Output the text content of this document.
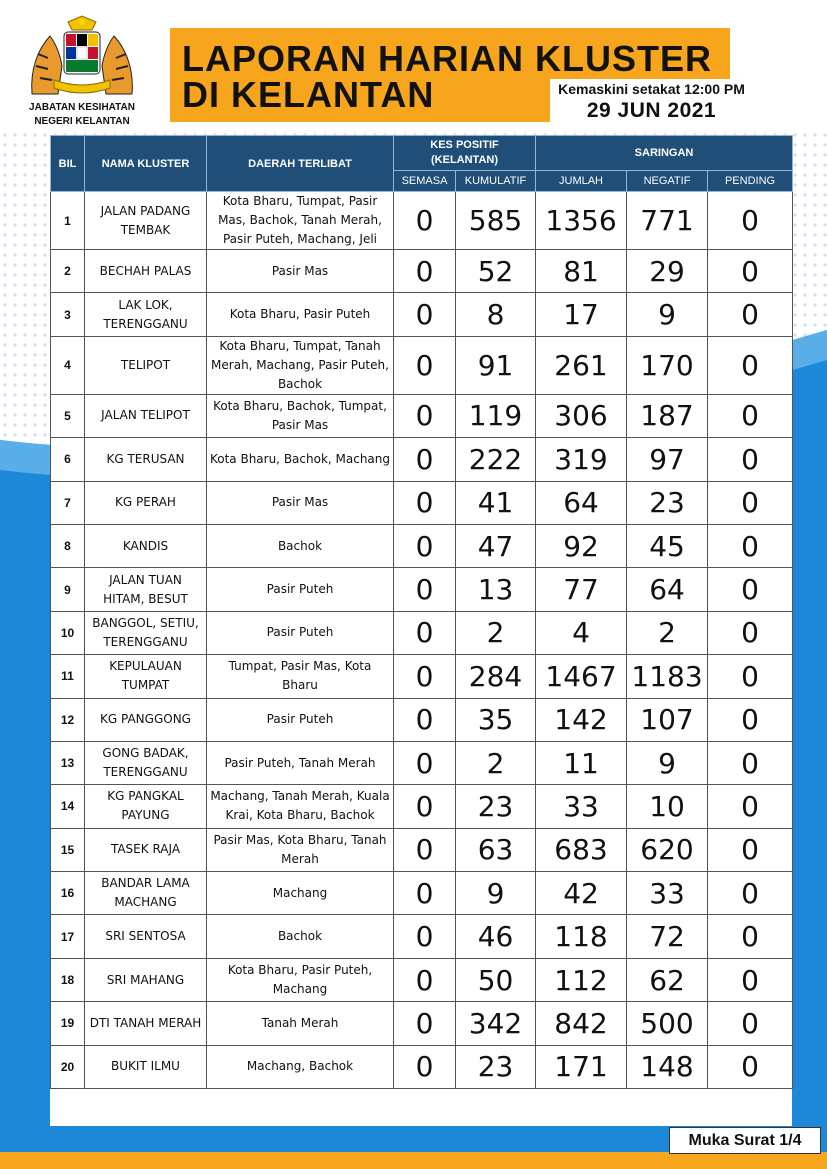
JABATAN KESIHATAN NEGERI KELANTAN
LAPORAN HARIAN KLUSTER
DI KELANTAN	Kemaskini setakat 12:00 PM
29 JUN 2021
BIL	NAMA KLUSTER	DAERAH TERLIBAT	KES POSITIF (KELANTAN)		SARINGAN		
			SEMASA	KUMULATIF	JUMLAH	NEGATIF	PENDING
1	JALAN PADANG TEMBAK	Kota Bharu, Tumpat, Pasir Mas, Bachok, Tanah Merah, Pasir Puteh, Machang, Jeli	0	585	1356	771	0
2	BECHAH PALAS	Pasir Mas	0	52	81	29	0
3	LAK LOK, TERENGGANU	Kota Bharu, Pasir Puteh	0	8	17	9	0
4	TELIPOT	Kota Bharu, Tumpat, Tanah Merah, Machang, Pasir Puteh, Bachok	0	91	261	170	0
5	JALAN TELIPOT	Kota Bharu, Bachok, Tumpat, Pasir Mas	0	119	306	187	0
6	KG TERUSAN	Kota Bharu, Bachok, Machang	0	222	319	97	0
7	KG PERAH	Pasir Mas	0	41	64	23	0
8	KANDIS	Bachok	0	47	92	45	0
9	JALAN TUAN HITAM, BESUT	Pasir Puteh	0	13	77	64	0
10	BANGGOL, SETIU, TERENGGANU	Pasir Puteh	0	2	4	2	0
11	KEPULAUAN TUMPAT	Tumpat, Pasir Mas, Kota Bharu	0	284	1467	1183	0
12	KG PANGGONG	Pasir Puteh	0	35	142	107	0
13	GONG BADAK, TERENGGANU	Pasir Puteh, Tanah Merah	0	2	11	9	0
14	KG PANGKAL PAYUNG	Machang, Tanah Merah, Kuala Krai, Kota Bharu, Bachok	0	23	33	10	0
15	TASEK RAJA	Pasir Mas, Kota Bharu, Tanah Merah	0	63	683	620	0
16	BANDAR LAMA MACHANG	Machang	0	9	42	33	0
17	SRI SENTOSA	Bachok	0	46	118	72	0
18	SRI MAHANG	Kota Bharu, Pasir Puteh, Machang	0	50	112	62	0
19	DTI TANAH MERAH	Tanah Merah	0	342	842	500	0
20	BUKIT ILMU	Machang, Bachok	0	23	171	148	0
Muka Surat 1/4
